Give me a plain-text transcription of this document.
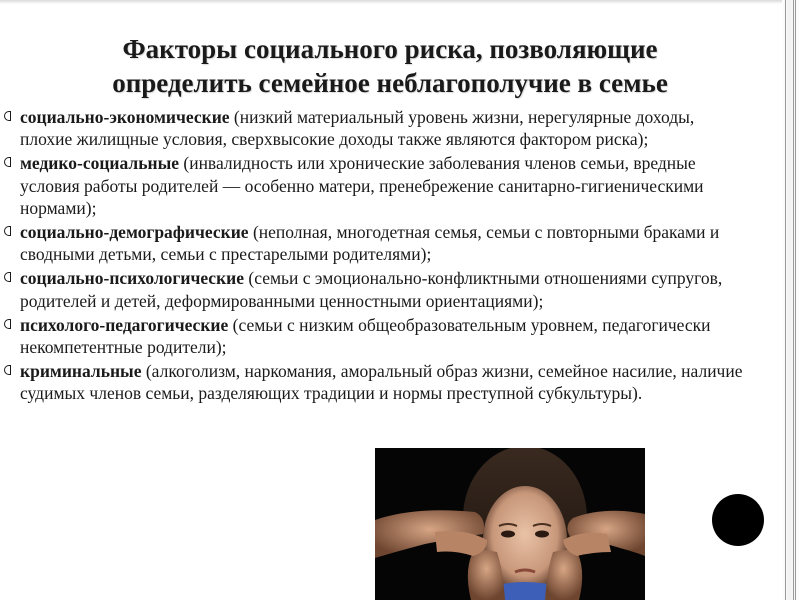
Факторы социального риска, позволяющие
определить семейное неблагополучие в семье
социально-экономические (низкий материальный уровень жизни, нерегулярные доходы, плохие жилищные условия, сверхвысокие доходы также являются фактором риска);
медико-социальные (инвалидность или хронические заболевания членов семьи, вредные условия работы родителей — особенно матери, пренебрежение санитарно-гигиеническими нормами);
социально-демографические (неполная, многодетная семья, семьи с повторными браками и сводными детьми, семьи с престарелыми родителями);
социально-психологические (семьи с эмоционально-конфликтными отношениями супругов, родителей и детей, деформированными ценностными ориентациями);
психолого-педагогические (семьи с низким общеобразовательным уровнем, педагогически некомпетентные родители);
криминальные (алкоголизм, наркомания, аморальный образ жизни, семейное насилие, наличие судимых членов семьи, разделяющих традиции и нормы преступной субкультуры).
